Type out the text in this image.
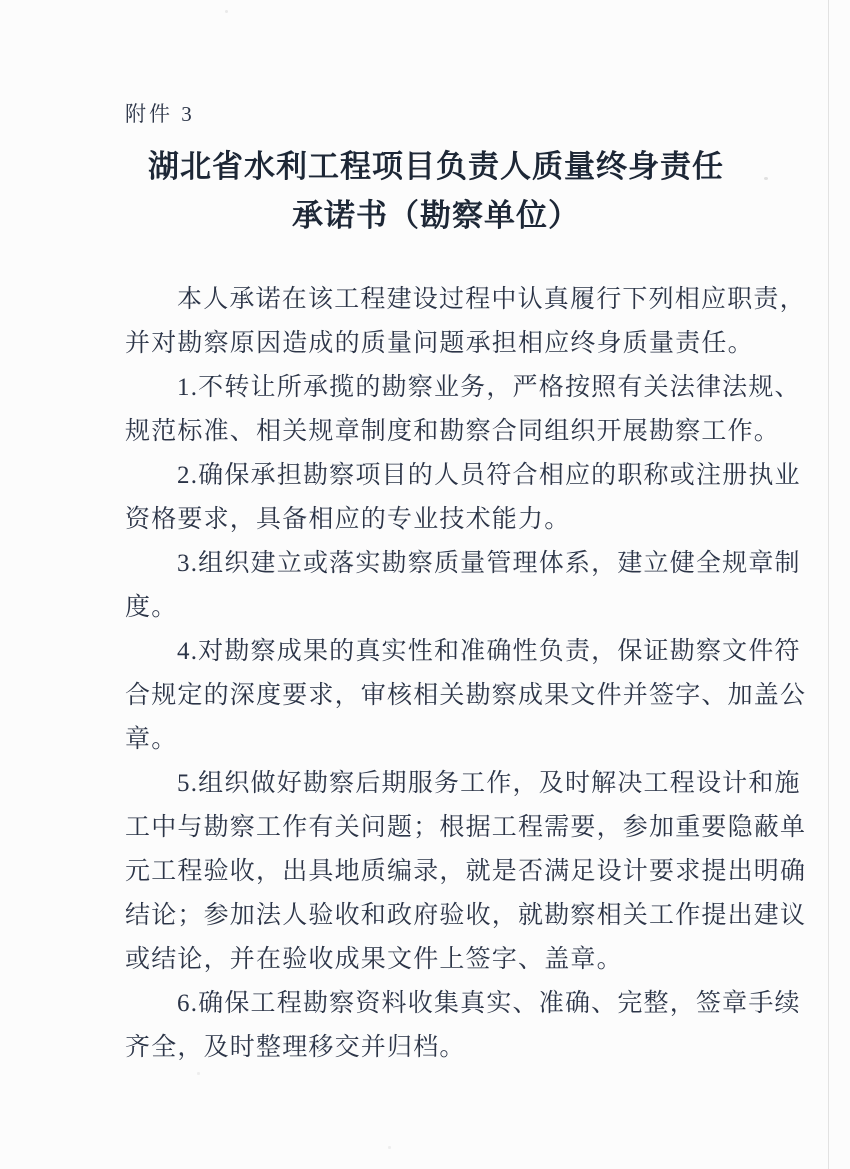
附件 3
湖北省水利工程项目负责人质量终身责任
承诺书（勘察单位）

本人承诺在该工程建设过程中认真履行下列相应职责，
并对勘察原因造成的质量问题承担相应终身质量责任。

1.不转让所承揽的勘察业务，严格按照有关法律法规、
规范标准、相关规章制度和勘察合同组织开展勘察工作。

2.确保承担勘察项目的人员符合相应的职称或注册执业
资格要求，具备相应的专业技术能力。

3.组织建立或落实勘察质量管理体系，建立健全规章制
度。

4.对勘察成果的真实性和准确性负责，保证勘察文件符
合规定的深度要求，审核相关勘察成果文件并签字、加盖公
章。

5.组织做好勘察后期服务工作，及时解决工程设计和施
工中与勘察工作有关问题；根据工程需要，参加重要隐蔽单
元工程验收，出具地质编录，就是否满足设计要求提出明确
结论；参加法人验收和政府验收，就勘察相关工作提出建议
或结论，并在验收成果文件上签字、盖章。

6.确保工程勘察资料收集真实、准确、完整，签章手续
齐全，及时整理移交并归档。
